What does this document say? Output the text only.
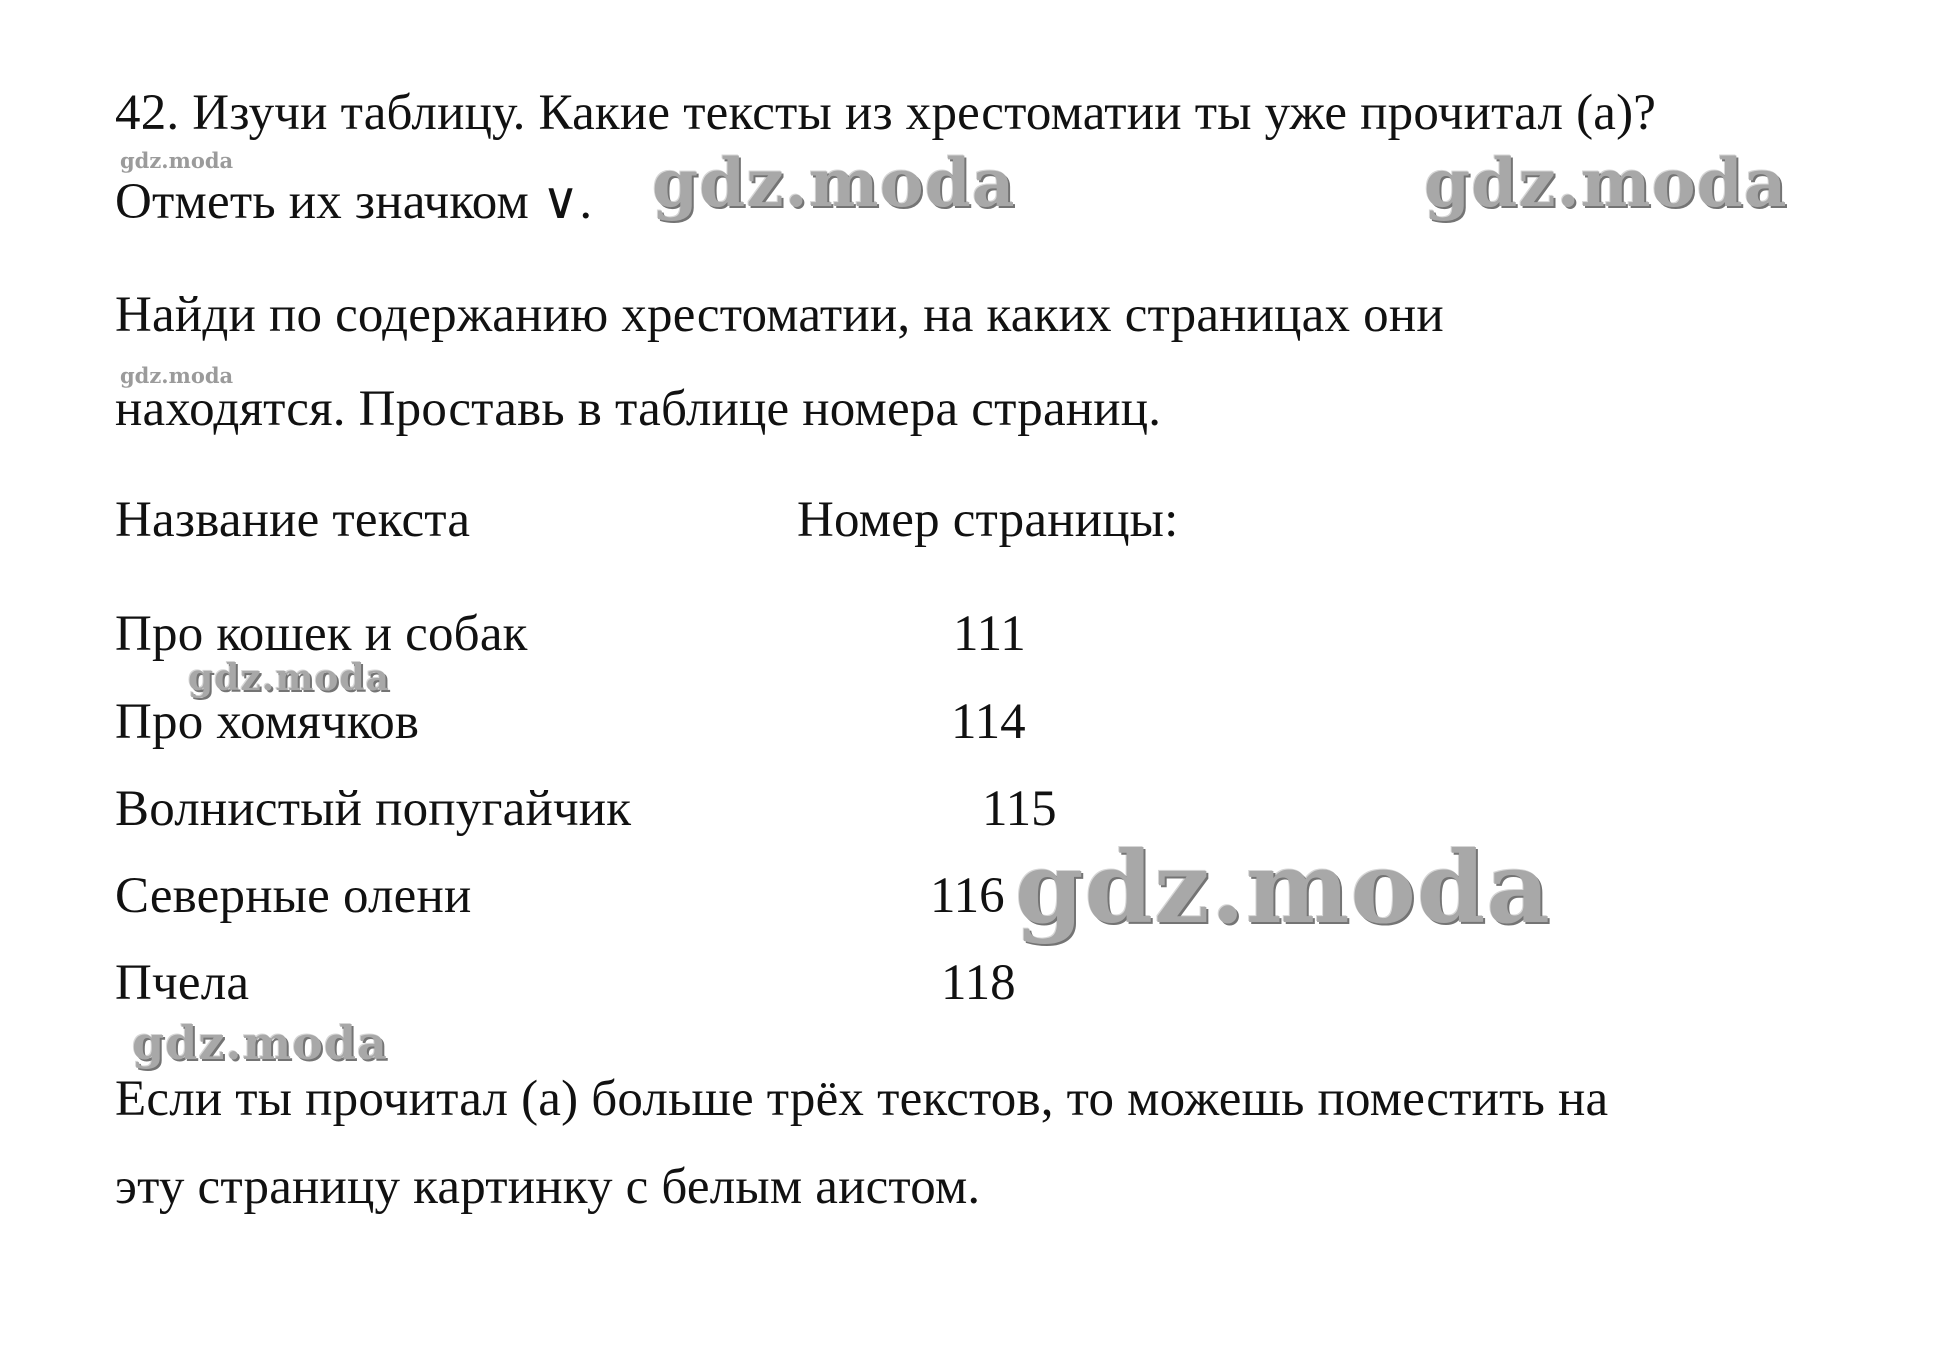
42. Изучи таблицу. Какие тексты из хрестоматии ты уже прочитал (а)?
Отметь их значком ∨.
Найди по содержанию хрестоматии, на каких страницах они
находятся. Проставь в таблице номера страниц.
Название текста	Номер страницы:
Про кошек и собак	111
Про хомячков	114
Волнистый попугайчик	115
Северные олени	116
Пчела	118
Если ты прочитал (а) больше трёх текстов, то можешь поместить на
эту страницу картинку с белым аистом.
gdz.moda	gdz.moda	gdz.moda
gdz.moda
gdz.moda
gdz.moda
gdz.moda
